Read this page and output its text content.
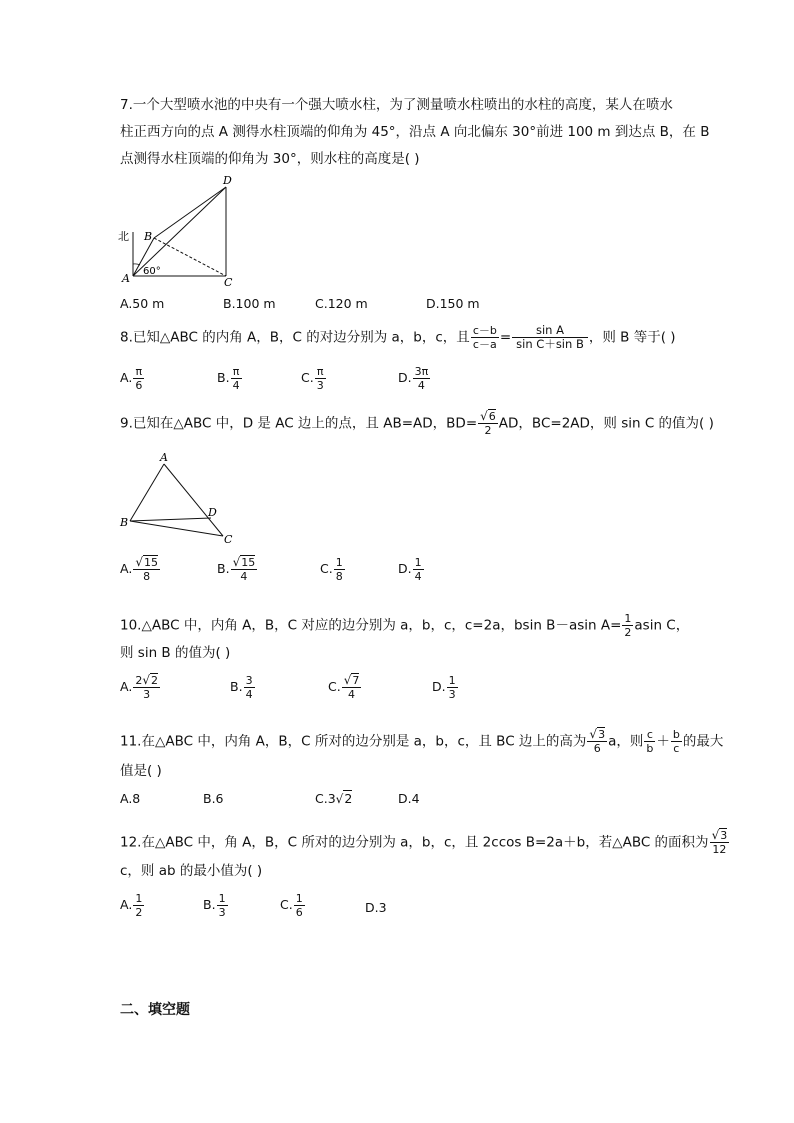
7.一个大型喷水池的中央有一个强大喷水柱，为了测量喷水柱喷出的水柱的高度，某人在喷水
柱正西方向的点 A 测得水柱顶端的仰角为 45°，沿点 A 向北偏东 30°前进 100 m 到达点 B，在 B
点测得水柱顶端的仰角为 30°，则水柱的高度是( )
北
A
B
C
D
60°
A.50 m	B.100 m	C.120 m	D.150 m
8.已知△ABC 的内角 A，B，C 的对边分别为 a，b，c，且 $\frac{c-b}{c-a} = \frac{\text{sin A}}{\text{sin C＋sin B}}$ ，则 B 等于( )
A. $\frac{\pi}{6}$	B. $\frac{\pi}{4}$	C. $\frac{\pi}{3}$	D. $\frac{3\pi}{4}$
9.已知在△ABC 中，D 是 AC 边上的点，且 AB=AD，$BD= \frac{√6}{2}$ AD，BC=2AD，则 sin C 的值为( )
A
B
C
D
A. $\frac{√15}{8}$	B. $\frac{√15}{4}$	C. $\frac{1}{8}$	D. $\frac{1}{4}$
10.△ABC 中，内角 A，B，C 对应的边分别为 a，b，c，c=2a，bsin B－asin $A= \frac{1}{2}$ asin C，
则 sin B 的值为( )
A. $\frac{2√2}{3}$	B. $\frac{3}{4}$	C. $\frac{√7}{4}$	D. $\frac{1}{3}$
11.在△ABC 中，内角 A，B，C 所对的边分别是 a，b，c，且 BC 边上的高为 $\frac{√3}{6}$ a，则 $\frac{c}{b} + \frac{b}{c}$ 的最大
值是( )
A.8	B.6	C.3√2	D.4
12.在△ABC 中，角 A，B，C 所对的边分别为 a，b，c，且 2ccos B=2a＋b，若△ABC 的面积为 $\frac{√3}{12}$
c，则 ab 的最小值为( )
A. $\frac{1}{2}$	B. $\frac{1}{3}$	C. $\frac{1}{6}$	D.3
二、填空题
